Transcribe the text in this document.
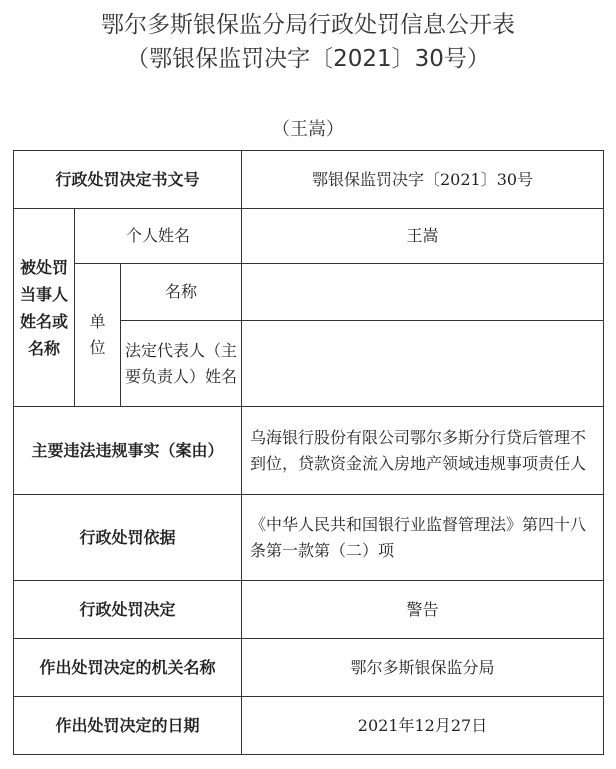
鄂尔多斯银保监分局行政处罚信息公开表
（鄂银保监罚决字〔2021〕30号）
（王嵩）
行政处罚决定书文号			鄂银保监罚决字〔2021〕30号
被处罚当事人姓名或名称	个人姓名		王嵩
	单位	名称	
		法定代表人（主要负责人）姓名	
主要违法违规事实（案由）			乌海银行股份有限公司鄂尔多斯分行贷后管理不到位，贷款资金流入房地产领域违规事项责任人
行政处罚依据			《中华人民共和国银行业监督管理法》第四十八条第一款第（二）项
行政处罚决定			警告
作出处罚决定的机关名称			鄂尔多斯银保监分局
作出处罚决定的日期			2021年12月27日
